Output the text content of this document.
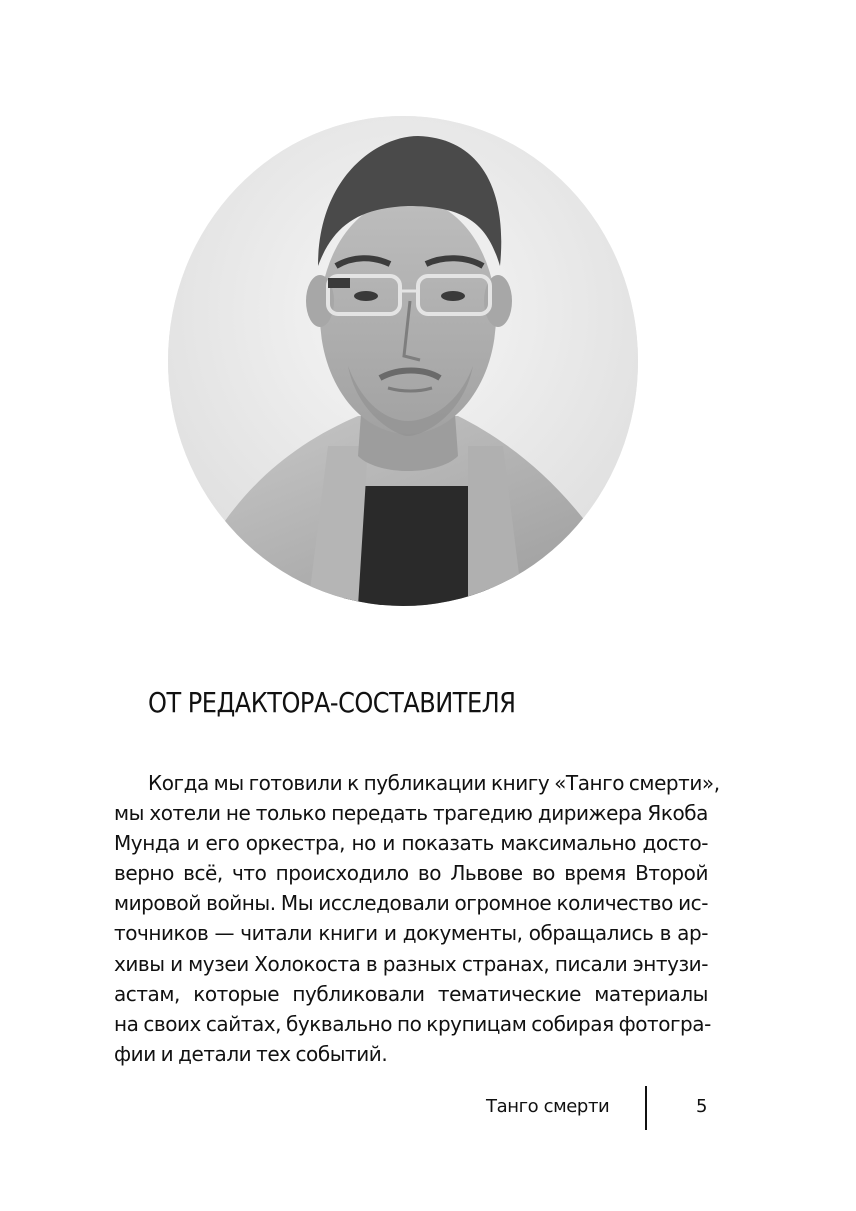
ОТ РЕДАКТОРА-СОСТАВИТЕЛЯ
Когда мы готовили к публикации книгу «Танго смерти»,
мы хотели не только передать трагедию дирижера Якоба
Мунда и его оркестра, но и показать максимально досто-
верно всё, что происходило во Львове во время Второй
мировой войны. Мы исследовали огромное количество ис-
точников — читали книги и документы, обращались в ар-
хивы и музеи Холокоста в разных странах, писали энтузи-
астам, которые публиковали тематические материалы
на своих сайтах, буквально по крупицам собирая фотогра-
фии и детали тех событий.
Танго смерти	5
